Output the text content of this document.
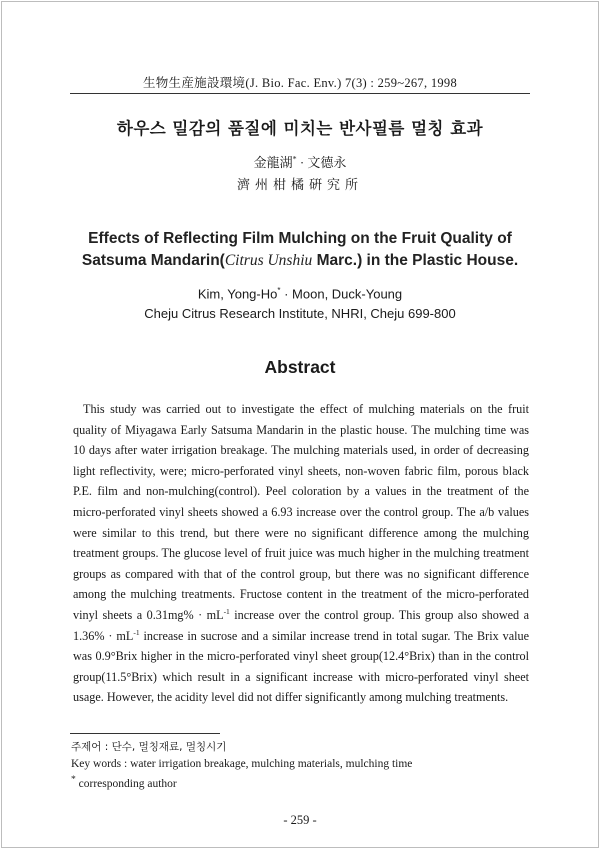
生物生産施設環境(J. Bio. Fac. Env.) 7(3) : 259~267, 1998
하우스 밀감의 품질에 미치는 반사필름 멀칭 효과
金龍湖* · 文德永
濟州柑橘硏究所
Effects of Reflecting Film Mulching on the Fruit Quality of
Satsuma Mandarin(Citrus Unshiu Marc.) in the Plastic House.
Kim, Yong-Ho* · Moon, Duck-Young
Cheju Citrus Research Institute, NHRI, Cheju 699-800
Abstract
This study was carried out to investigate the effect of mulching materials on the fruit quality of Miyagawa Early Satsuma Mandarin in the plastic house. The mulching time was 10 days after water irrigation breakage. The mulching materials used, in order of decreasing light reflectivity, were; micro-perforated vinyl sheets, non-woven fabric film, porous black P.E. film and non-mulching(control). Peel coloration by a values in the treatment of the micro-perforated vinyl sheets showed a 6.93 increase over the control group. The a/b values were similar to this trend, but there were no significant difference among the mulching treatment groups. The glucose level of fruit juice was much higher in the mulching treatment groups as compared with that of the control group, but there was no significant difference among the mulching treatments. Fructose content in the treatment of the micro-perforated vinyl sheets a $0.31mg\% \cdot mL^{-1}$ increase over the control group. This group also showed a $1.36\% \cdot mL^{-1}$ increase in sucrose and a similar increase trend in total sugar. The Brix value was 0.9°Brix higher in the micro-perforated vinyl sheet group(12.4°Brix) than in the control group(11.5°Brix) which result in a significant increase with micro-perforated vinyl sheet usage. However, the acidity level did not differ significantly among mulching treatments.
주제어 : 단수, 멀칭재료, 멀칭시기
Key words : water irrigation breakage, mulching materials, mulching time
* corresponding author
- 259 -
